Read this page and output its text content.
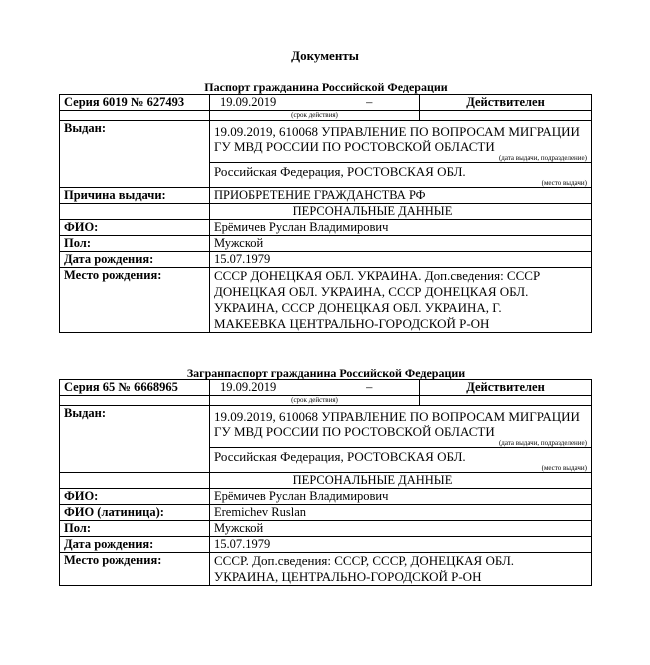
Документы
Паспорт гражданина Российской Федерации
Серия 6019 № 627493	19.09.2019 –	Действителен

	(срок действия)	

Выдан:	19.09.2019, 610068 УПРАВЛЕНИЕ ПО ВОПРОСАМ МИГРАЦИИ ГУ МВД РОССИИ ПО РОСТОВСКОЙ ОБЛАСТИ
(дата выдачи, подразделение)	

	Российская Федерация, РОСТОВСКАЯ ОБЛ.
(место выдачи)	

Причина выдачи:	ПРИОБРЕТЕНИЕ ГРАЖДАНСТВА РФ	
	ПЕРСОНАЛЬНЫЕ ДАННЫЕ	
ФИО:	Ерёмичев Руслан Владимирович	
Пол:	Мужской	
Дата рождения:	15.07.1979	
Место рождения:	СССР ДОНЕЦКАЯ ОБЛ. УКРАИНА. Доп.сведения: СССР ДОНЕЦКАЯ ОБЛ. УКРАИНА, СССР ДОНЕЦКАЯ ОБЛ. УКРАИНА, СССР ДОНЕЦКАЯ ОБЛ. УКРАИНА, Г. МАКЕЕВКА ЦЕНТРАЛЬНО-ГОРОДСКОЙ Р-ОН	
Загранпаспорт гражданина Российской Федерации
Серия 65 № 6668965	19.09.2019 –	Действителен

	(срок действия)	

Выдан:	19.09.2019, 610068 УПРАВЛЕНИЕ ПО ВОПРОСАМ МИГРАЦИИ ГУ МВД РОССИИ ПО РОСТОВСКОЙ ОБЛАСТИ
(дата выдачи, подразделение)	

	Российская Федерация, РОСТОВСКАЯ ОБЛ.
(место выдачи)	

	ПЕРСОНАЛЬНЫЕ ДАННЫЕ	
ФИО:	Ерёмичев Руслан Владимирович	
ФИО (латиница):	Eremichev Ruslan	
Пол:	Мужской	
Дата рождения:	15.07.1979	
Место рождения:	СССР. Доп.сведения: СССР, СССР, ДОНЕЦКАЯ ОБЛ. УКРАИНА, ЦЕНТРАЛЬНО-ГОРОДСКОЙ Р-ОН	
